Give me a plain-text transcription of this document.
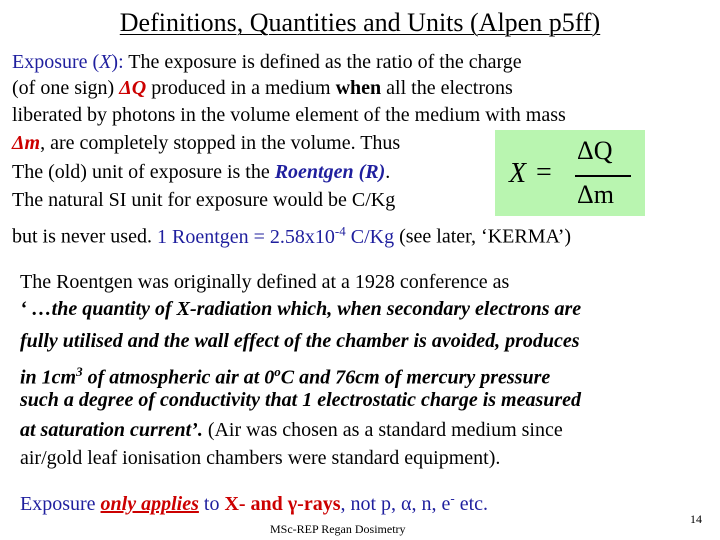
Definitions, Quantities and Units (Alpen p5ff)
Exposure (X): The exposure is defined as the ratio of the charge
(of one sign) ΔQ produced in a medium when all the electrons
liberated by photons in the volume element of the medium with mass
Δm, are completely stopped in the volume. Thus
The (old) unit of exposure is the Roentgen (R).
The natural SI unit for exposure would be C/Kg
but is never used. 1 Roentgen = $2.58x10^{-4}$ C/Kg (see later, ‘KERMA’)
X =
ΔQ
Δm
The Roentgen was originally defined at a 1928 conference as
‘ …the quantity of X-radiation which, when secondary electrons are
fully utilised and the wall effect of the chamber is avoided, produces
in $1cm^3$ of atmospheric air at 0$^o$C and 76cm of mercury pressure
such a degree of conductivity that 1 electrostatic charge is measured
at saturation current’. (Air was chosen as a standard medium since
air/gold leaf ionisation chambers were standard equipment).
Exposure only applies to X- and γ-rays, not p, α, n, e- etc.
MSc-REP Regan Dosimetry
14
